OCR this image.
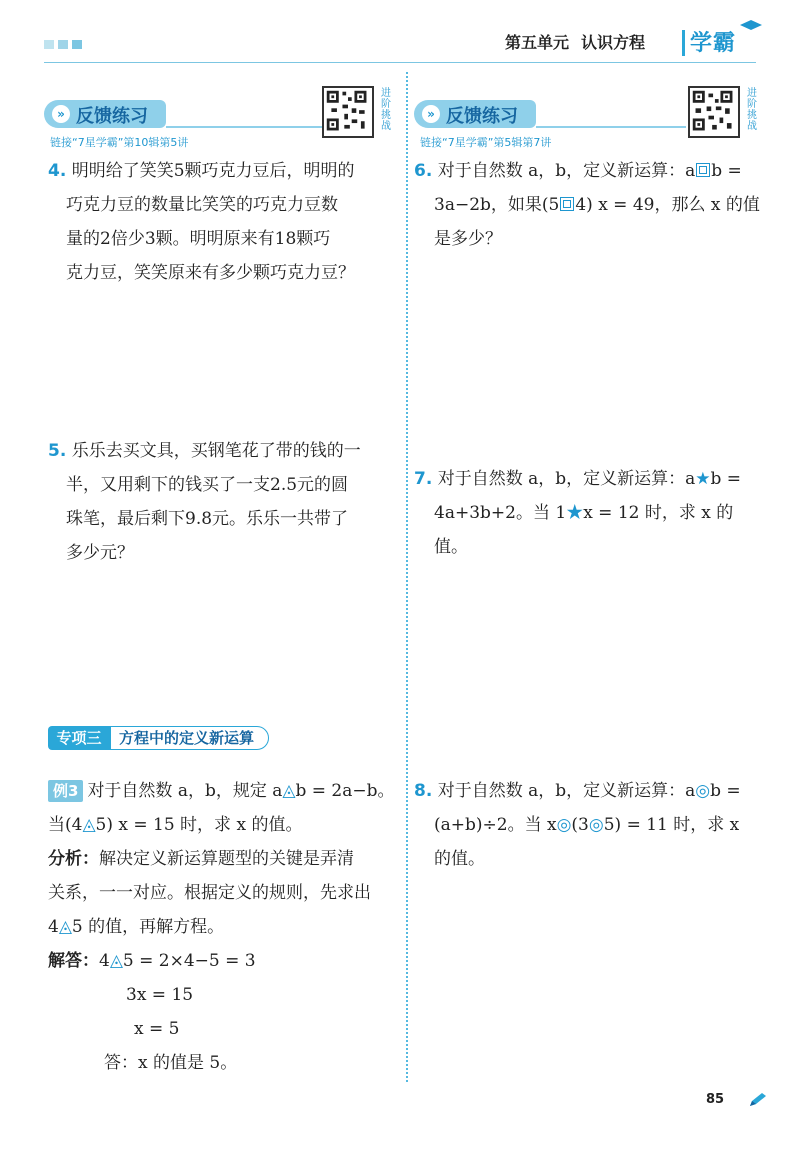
第五单元 认识方程 学霸
» 反馈练习
链接“7星学霸”第10辑第5讲
进阶挑战
» 反馈练习
链接“7星学霸”第5辑第7讲
进阶挑战
4. 明明给了笑笑5颗巧克力豆后，明明的
巧克力豆的数量比笑笑的巧克力豆数
量的2倍少3颗。明明原来有18颗巧
克力豆，笑笑原来有多少颗巧克力豆？
5. 乐乐去买文具，买钢笔花了带的钱的一
半，又用剩下的钱买了一支2.5元的圆
珠笔，最后剩下9.8元。乐乐一共带了
多少元？
6. 对于自然数 a，b，定义新运算：a b =
3a−2b，如果(5 4) x = 49，那么 x 的值
是多少？
7. 对于自然数 a，b，定义新运算：a★b =
4a+3b+2。当 1★x = 12 时，求 x 的值。
专项三	方程中的定义新运算
例3 对于自然数 a，b，规定 a◬b = 2a−b。
当(4◬5) x = 15 时，求 x 的值。
分析：解决定义新运算题型的关键是弄清
关系，一一对应。根据定义的规则，先求出
4◬5 的值，再解方程。
解答：4◬5 = 2×4−5 = 3
3x = 15
x = 5
答：x 的值是 5。
8. 对于自然数 a，b，定义新运算：a◎b =
(a+b)÷2。当 x◎(3◎5) = 11 时，求 x
的值。
85
